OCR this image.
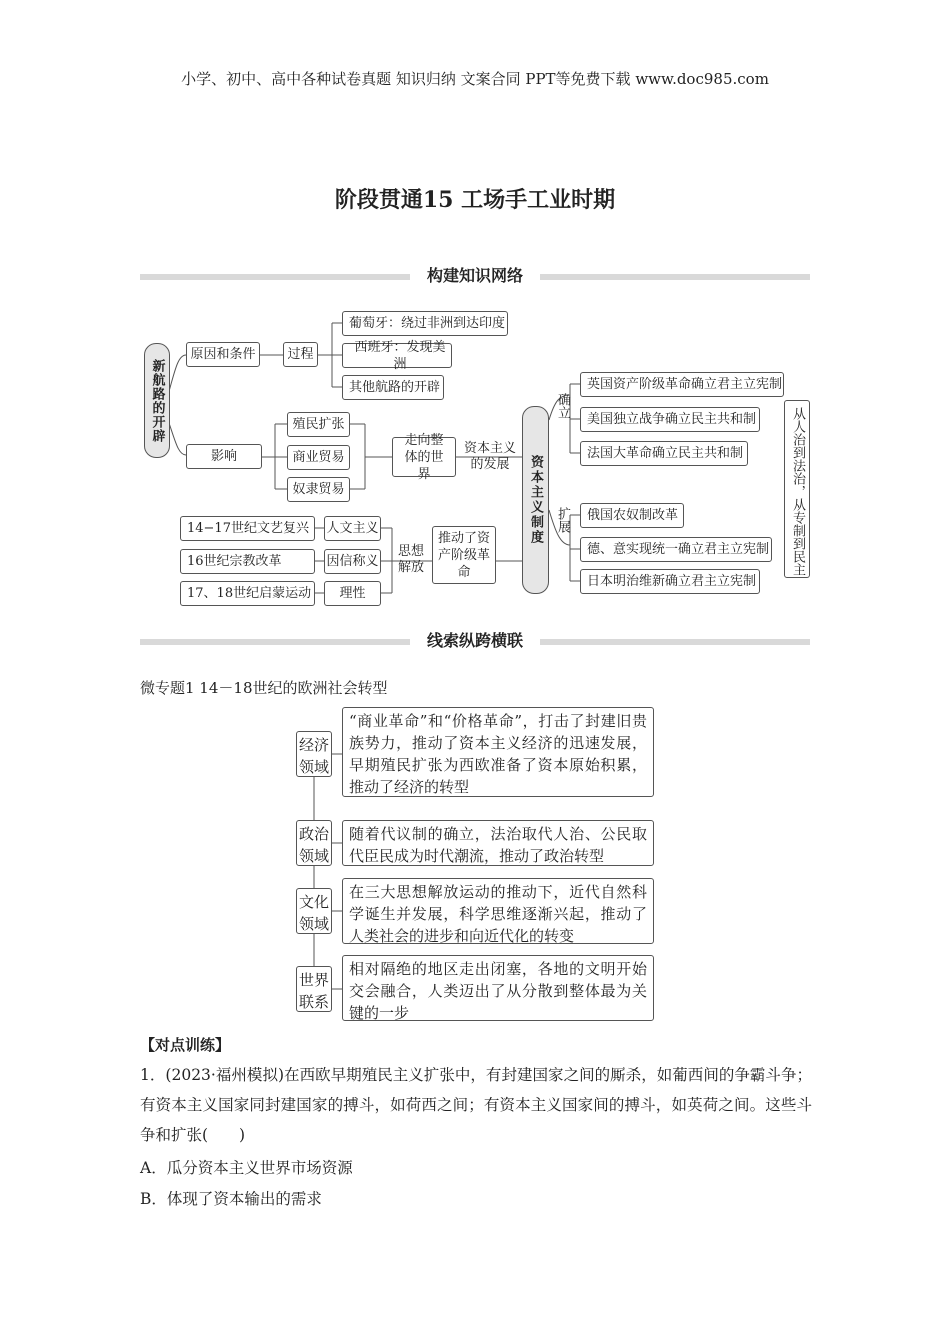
小学、初中、高中各种试卷真题 知识归纳 文案合同 PPT等免费下载 www.doc985.com
阶段贯通15 工场手工业时期
构建知识网络
新航路的开辟
原因和条件	过程
葡萄牙：绕过非洲到达印度
西班牙：发现美洲
其他航路的开辟
影响
殖民扩张
商业贸易
奴隶贸易
走向整体的世界
资本主义的发展
14−17世纪文艺复兴
16世纪宗教改革
17、18世纪启蒙运动
人文主义
因信称义
理性
思想解放
推动了资产阶级革命
资本主义制度
确立
扩展
英国资产阶级革命确立君主立宪制
美国独立战争确立民主共和制
法国大革命确立民主共和制
俄国农奴制改革
德、意实现统一确立君主立宪制
日本明治维新确立君主立宪制
从人治到法治，从专制到民主
线索纵跨横联
微专题1 14－18世纪的欧洲社会转型
经济领域
“商业革命”和“价格革命”，打击了封建旧贵族势力，推动了资本主义经济的迅速发展，早期殖民扩张为西欧准备了资本原始积累，推动了经济的转型
政治领域
随着代议制的确立，法治取代人治、公民取代臣民成为时代潮流，推动了政治转型
文化领域
在三大思想解放运动的推动下，近代自然科学诞生并发展，科学思维逐渐兴起，推动了人类社会的进步和向近代化的转变
世界联系
相对隔绝的地区走出闭塞，各地的文明开始交会融合，人类迈出了从分散到整体最为关键的一步
【对点训练】
1．(2023·福州模拟)在西欧早期殖民主义扩张中，有封建国家之间的厮杀，如葡西间的争霸斗争；有资本主义国家同封建国家的搏斗，如荷西之间；有资本主义国家间的搏斗，如英荷之间。这些斗争和扩张(　　)
A．瓜分资本主义世界市场资源
B．体现了资本输出的需求
